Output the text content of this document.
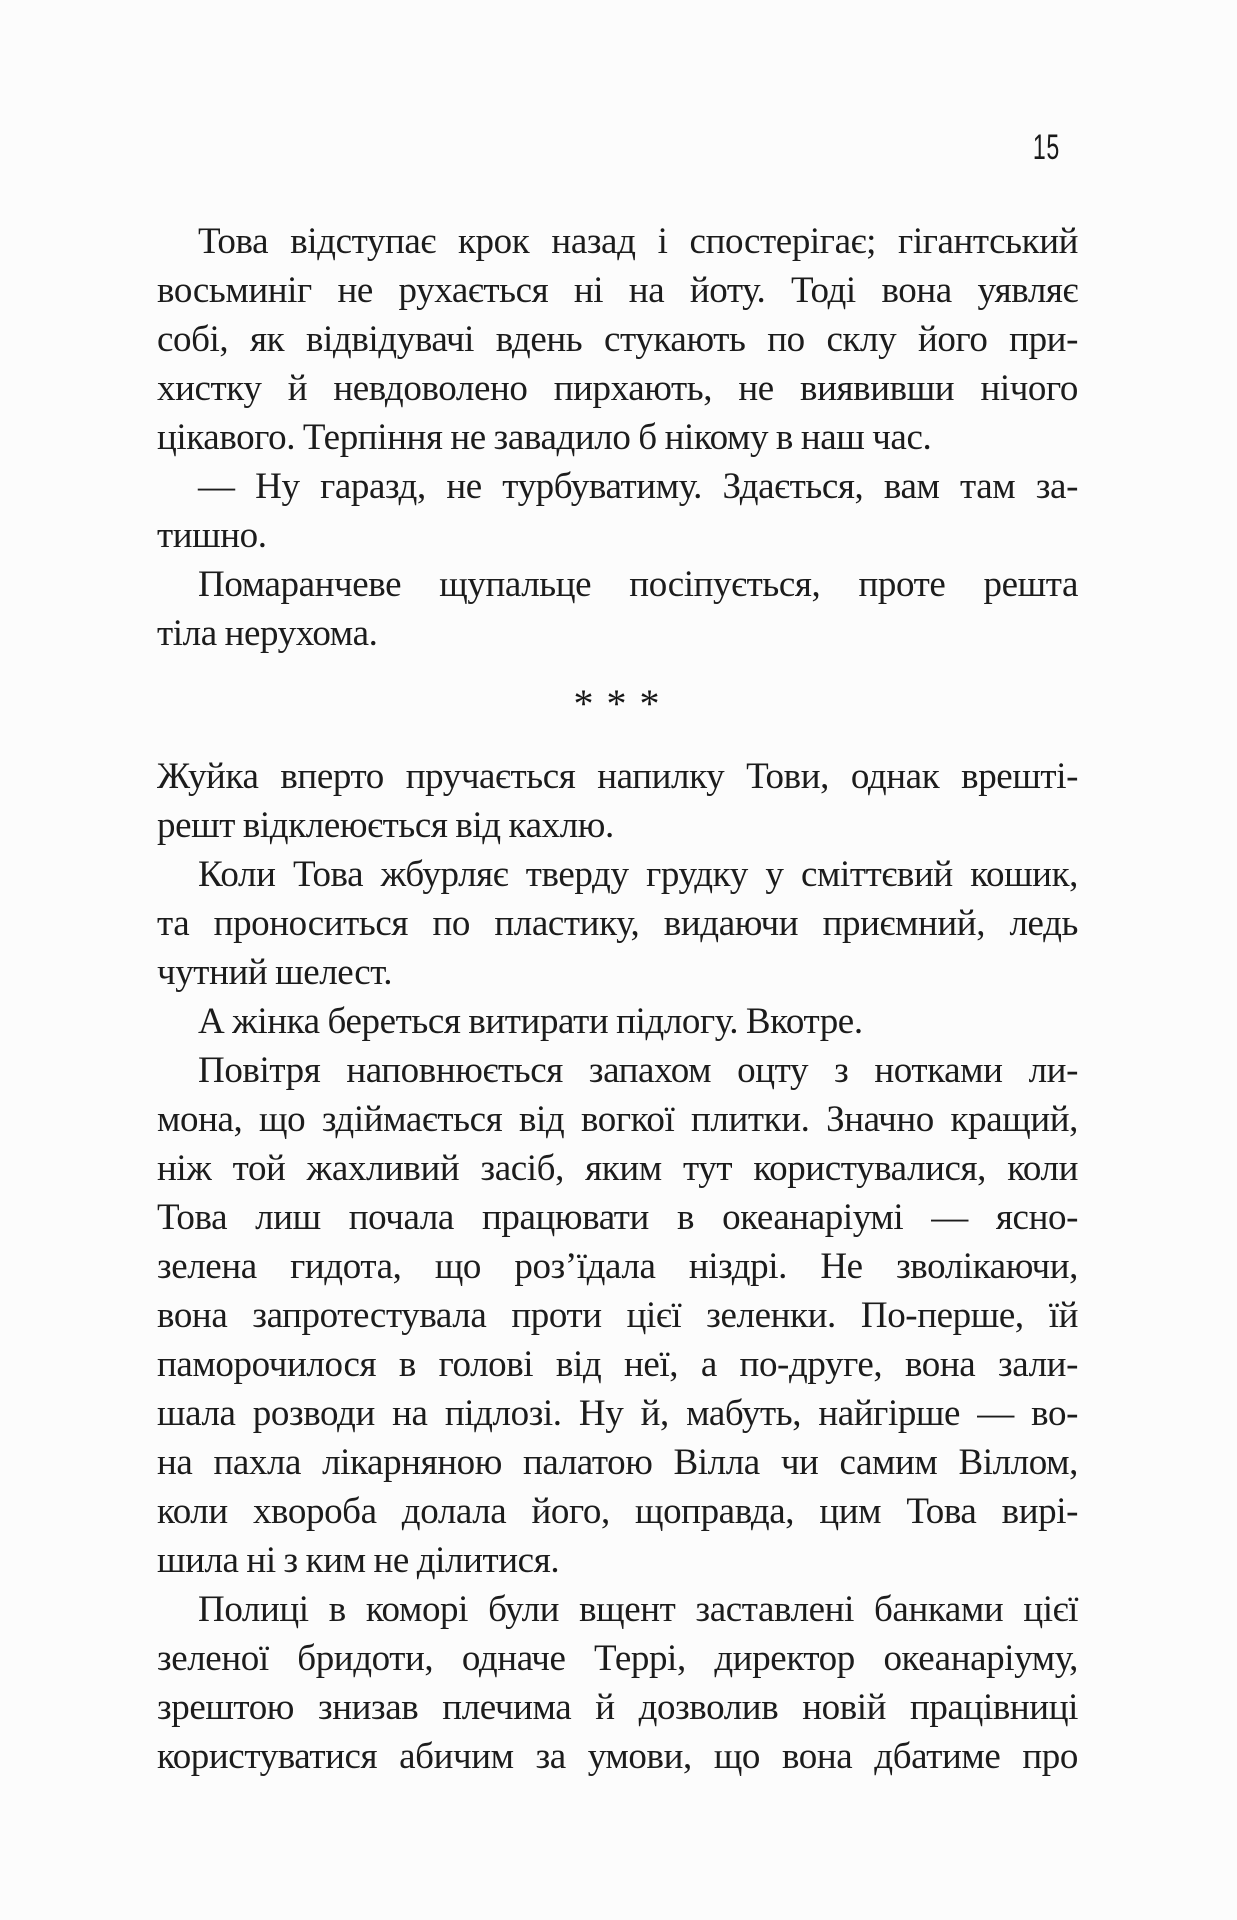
15
Това відступає крок назад і спостерігає; гігантський
восьминіг не рухається ні на йоту. Тоді вона уявляє
собі, як відвідувачі вдень стукають по склу його при-
хистку й невдоволено пирхають, не виявивши нічого
цікавого. Терпіння не завадило б нікому в наш час.
— Ну гаразд, не турбуватиму. Здається, вам там за-
тишно.
Помаранчеве щупальце посіпується, проте решта
тіла нерухома.
* * *
Жуйка вперто пручається напилку Тови, однак врешті-
решт відклеюється від кахлю.
Коли Това жбурляє тверду грудку у сміттєвий кошик,
та проноситься по пластику, видаючи приємний, ледь
чутний шелест.
А жінка береться витирати підлогу. Вкотре.
Повітря наповнюється запахом оцту з нотками ли-
мона, що здіймається від вогкої плитки. Значно кращий,
ніж той жахливий засіб, яким тут користувалися, коли
Това лиш почала працювати в океанаріумі — ясно-
зелена гидота, що роз’їдала ніздрі. Не зволікаючи,
вона запротестувала проти цієї зеленки. По-перше, їй
паморочилося в голові від неї, а по-друге, вона зали-
шала розводи на підлозі. Ну й, мабуть, найгірше — во-
на пахла лікарняною палатою Вілла чи самим Віллом,
коли хвороба долала його, щоправда, цим Това вирі-
шила ні з ким не ділитися.
Полиці в коморі були вщент заставлені банками цієї
зеленої бридоти, одначе Террі, директор океанаріуму,
зрештою знизав плечима й дозволив новій працівниці
користуватися абичим за умови, що вона дбатиме про
